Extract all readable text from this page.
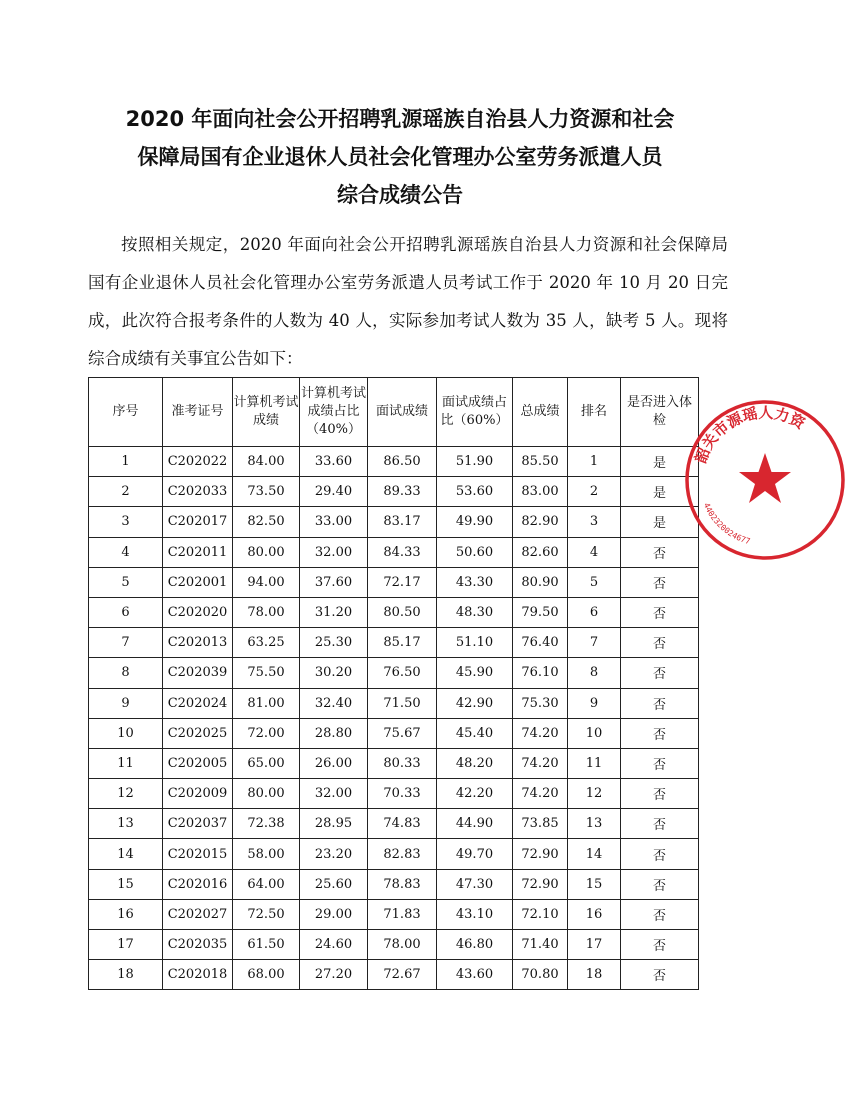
2020 年面向社会公开招聘乳源瑶族自治县人力资源和社会
保障局国有企业退休人员社会化管理办公室劳务派遣人员
综合成绩公告

按照相关规定，2020 年面向社会公开招聘乳源瑶族自治县人力资源和社会保障局国有企业退休人员社会化管理办公室劳务派遣人员考试工作于 2020 年 10 月 20 日完成，此次符合报考条件的人数为 40 人，实际参加考试人数为 35 人，缺考 5 人。现将综合成绩有关事宜公告如下：

序号	准考证号	计算机考试成绩	计算机考试成绩占比（40%）	面试成绩	面试成绩占比（60%）	总成绩	排名	是否进入体检
1	C202022	84.00	33.60	86.50	51.90	85.50	1	是
2	C202033	73.50	29.40	89.33	53.60	83.00	2	是
3	C202017	82.50	33.00	83.17	49.90	82.90	3	是
4	C202011	80.00	32.00	84.33	50.60	82.60	4	否
5	C202001	94.00	37.60	72.17	43.30	80.90	5	否
6	C202020	78.00	31.20	80.50	48.30	79.50	6	否
7	C202013	63.25	25.30	85.17	51.10	76.40	7	否
8	C202039	75.50	30.20	76.50	45.90	76.10	8	否
9	C202024	81.00	32.40	71.50	42.90	75.30	9	否
10	C202025	72.00	28.80	75.67	45.40	74.20	10	否
11	C202005	65.00	26.00	80.33	48.20	74.20	11	否
12	C202009	80.00	32.00	70.33	42.20	74.20	12	否
13	C202037	72.38	28.95	74.83	44.90	73.85	13	否
14	C202015	58.00	23.20	82.83	49.70	72.90	14	否
15	C202016	64.00	25.60	78.83	47.30	72.90	15	否
16	C202027	72.50	29.00	71.83	43.10	72.10	16	否
17	C202035	61.50	24.60	78.00	46.80	71.40	17	否
18	C202018	68.00	27.20	72.67	43.60	70.80	18	否
韶关市源瑶人力资
4402320024677
